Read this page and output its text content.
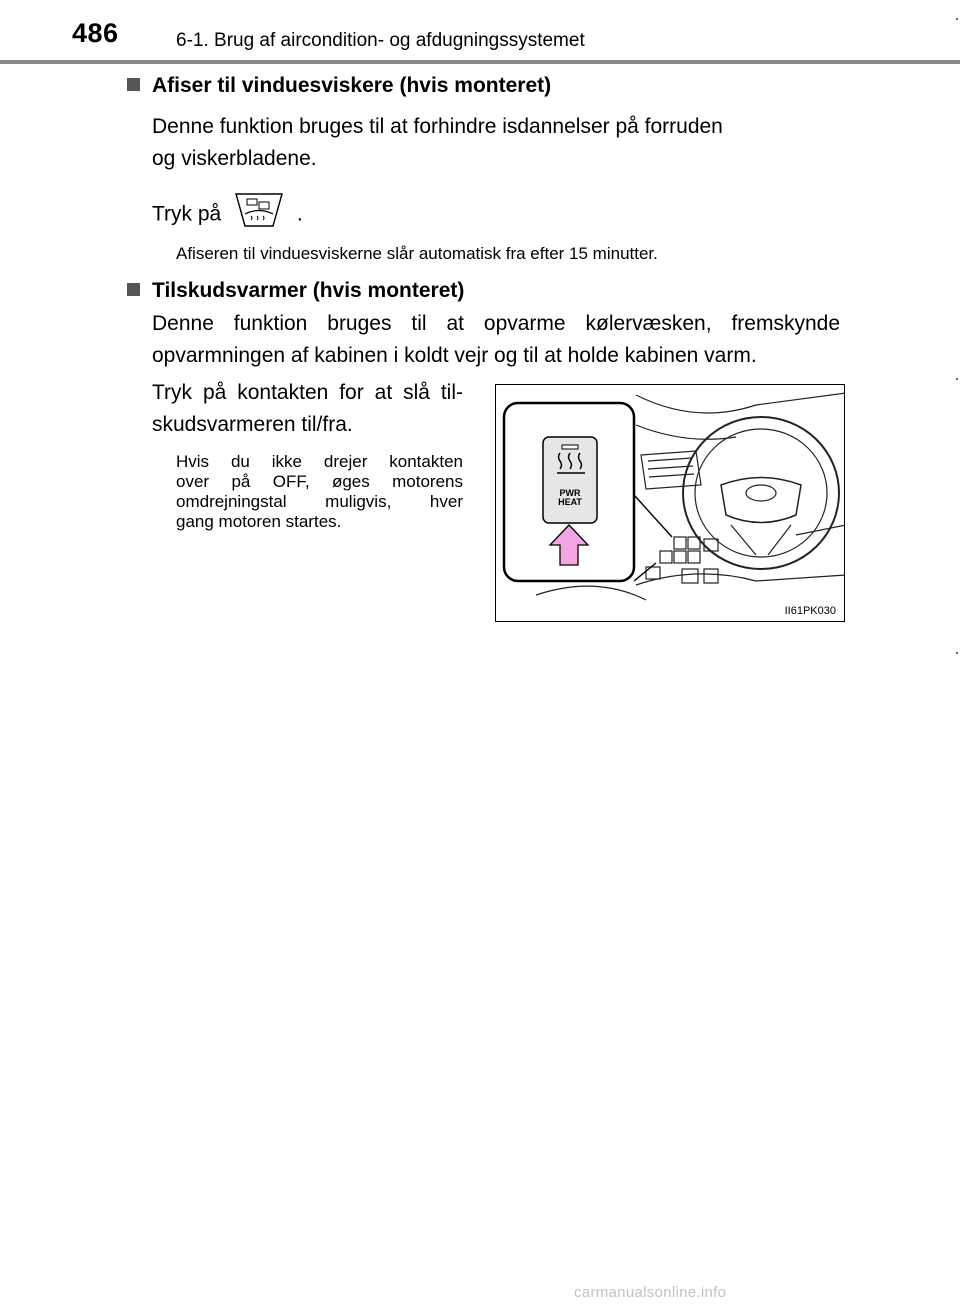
486	6-1. Brug af aircondition- og afdugningssystemet
Afiser til vinduesviskere (hvis monteret)
Denne funktion bruges til at forhindre isdannelser på forruden
og viskerbladene.
Tryk på	.
Afiseren til vinduesviskerne slår automatisk fra efter 15 minutter.
Tilskudsvarmer (hvis monteret)
Denne funktion bruges til at opvarme kølervæsken, fremskynde
opvarmningen af kabinen i koldt vejr og til at holde kabinen varm.
Tryk på kontakten for at slå til-
skudsvarmeren til/fra.
Hvis du ikke drejer kontakten
over på OFF, øges motorens
omdrejningstal muligvis, hver
gang motoren startes.
PWR
HEAT
II61PK030
carmanualsonline.info
